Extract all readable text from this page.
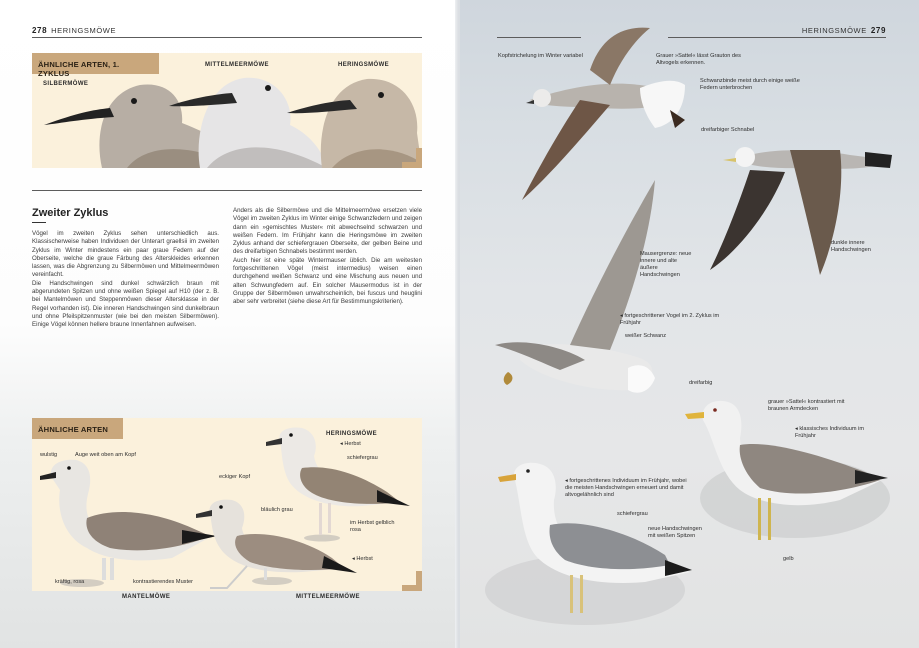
278 HERINGSMÖWE
ÄHNLICHE ARTEN, 1. ZYKLUS
SILBERMÖWE
MITTELMEERMÖWE	HERINGSMÖWE
Zweiter Zyklus

Vögel im zweiten Zyklus sehen unterschiedlich aus. Klassischerweise haben Individuen der Unterart graellsii im zweiten Zyklus im Winter mindestens ein paar graue Federn auf der Oberseite, welche die graue Färbung des Alterskleides erkennen lassen, was die Abgrenzung zu Silbermöwen und Mittelmeermöwen vereinfacht.

Die Handschwingen sind dunkel schwärzlich braun mit abgerundeten Spitzen und ohne weißen Spiegel auf H10 (der z. B. bei Mantelmöwen und Steppenmöwen dieser Altersklasse in der Regel vorhanden ist). Die inneren Handschwingen sind dunkelbraun und ohne Pfeilspitzenmuster (wie bei den meisten Silbermöwen). Einige Vögel können hellere braune Innenfahnen aufweisen.

Anders als die Silbermöwe und die Mittelmeermöwe ersetzen viele Vögel im zweiten Zyklus im Winter einige Schwanzfedern und zeigen dann ein »gemischtes Muster« mit abwechselnd schwarzen und weißen Federn. Im Frühjahr kann die Heringsmöwe im zweiten Zyklus anhand der schiefergrauen Oberseite, der gelben Beine und des dreifarbigen Schnabels bestimmt werden.

Auch hier ist eine späte Wintermauser üblich. Die am weitesten fortgeschrittenen Vögel (meist intermedius) weisen einen durchgehend weißen Schwanz und eine Mischung aus neuen und alten Schwungfedern auf. Ein solcher Mausermodus ist in der Gruppe der Silbermöwen unwahrscheinlich, bei fuscus und heuglini aber sehr verbreitet (siehe diese Art für Bestimmungskriterien).

ÄHNLICHE ARTEN
wulstig	Auge weit oben am Kopf
kräftig, rosa	kontrastierendes Muster
MANTELMÖWE
eckiger Kopf
bläulich grau
◂ Herbst
MITTELMEERMÖWE
HERINGSMÖWE
◂ Herbst
schiefergrau
im Herbst gelblich rosa
HERINGSMÖWE 279
Kopfstrichelung im Winter variabel	Grauer »Sattel« lässt Grauton des Altvogels erkennen.
Schwanzbinde meist durch einige weiße Federn unterbrochen
dreifarbiger Schnabel
dunkle innere Handschwingen
Mausergrenze: neue innere und alte äußere Handschwingen
◂ fortgeschrittener Vogel im 2. Zyklus im Frühjahr
weißer Schwanz
dreifarbig
grauer »Sattel« kontrastiert mit braunen Armdecken
◂ klassisches Individuum im Frühjahr
gelb
◂ fortgeschrittenes Individuum im Frühjahr, wobei die meisten Handschwingen erneuert und damit altvogelähnlich sind
schiefergrau
neue Handschwingen mit weißen Spitzen
